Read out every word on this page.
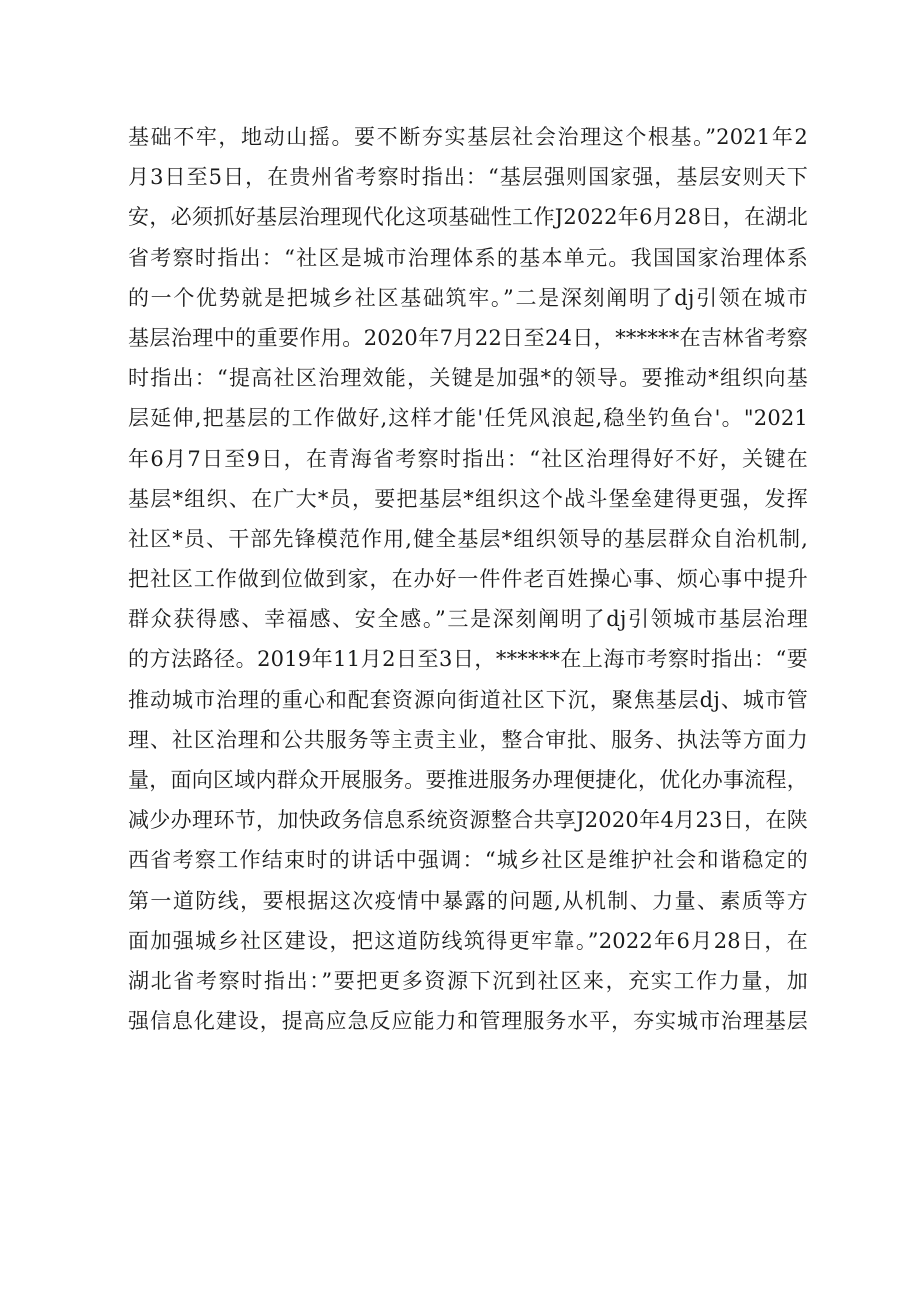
基础不牢，地动山摇。要不断夯实基层社会治理这个根基。”2021年2
月3日至5日，在贵州省考察时指出：“基层强则国家强，基层安则天下
安，必须抓好基层治理现代化这项基础性工作J2022年6月28日，在湖北
省考察时指出：“社区是城市治理体系的基本单元。我国国家治理体系
的一个优势就是把城乡社区基础筑牢。”二是深刻阐明了dj引领在城市
基层治理中的重要作用。2020年7月22日至24日，******在吉林省考察
时指出：“提高社区治理效能，关键是加强*的领导。要推动*组织向基
层延伸,把基层的工作做好,这样才能'任凭风浪起,稳坐钓鱼台'。"2021
年6月7日至9日，在青海省考察时指出：“社区治理得好不好，关键在
基层*组织、在广大*员，要把基层*组织这个战斗堡垒建得更强，发挥
社区*员、干部先锋模范作用,健全基层*组织领导的基层群众自治机制,
把社区工作做到位做到家，在办好一件件老百姓操心事、烦心事中提升
群众获得感、幸福感、安全感。”三是深刻阐明了dj引领城市基层治理
的方法路径。2019年11月2日至3日，******在上海市考察时指出：“要
推动城市治理的重心和配套资源向街道社区下沉，聚焦基层dj、城市管
理、社区治理和公共服务等主责主业，整合审批、服务、执法等方面力
量，面向区域内群众开展服务。要推进服务办理便捷化，优化办事流程，
减少办理环节，加快政务信息系统资源整合共享J2020年4月23日，在陕
西省考察工作结束时的讲话中强调：“城乡社区是维护社会和谐稳定的
第一道防线，要根据这次疫情中暴露的问题,从机制、力量、素质等方
面加强城乡社区建设，把这道防线筑得更牢靠。”2022年6月28日，在
湖北省考察时指出：”要把更多资源下沉到社区来，充实工作力量，加
强信息化建设，提高应急反应能力和管理服务水平，夯实城市治理基层
